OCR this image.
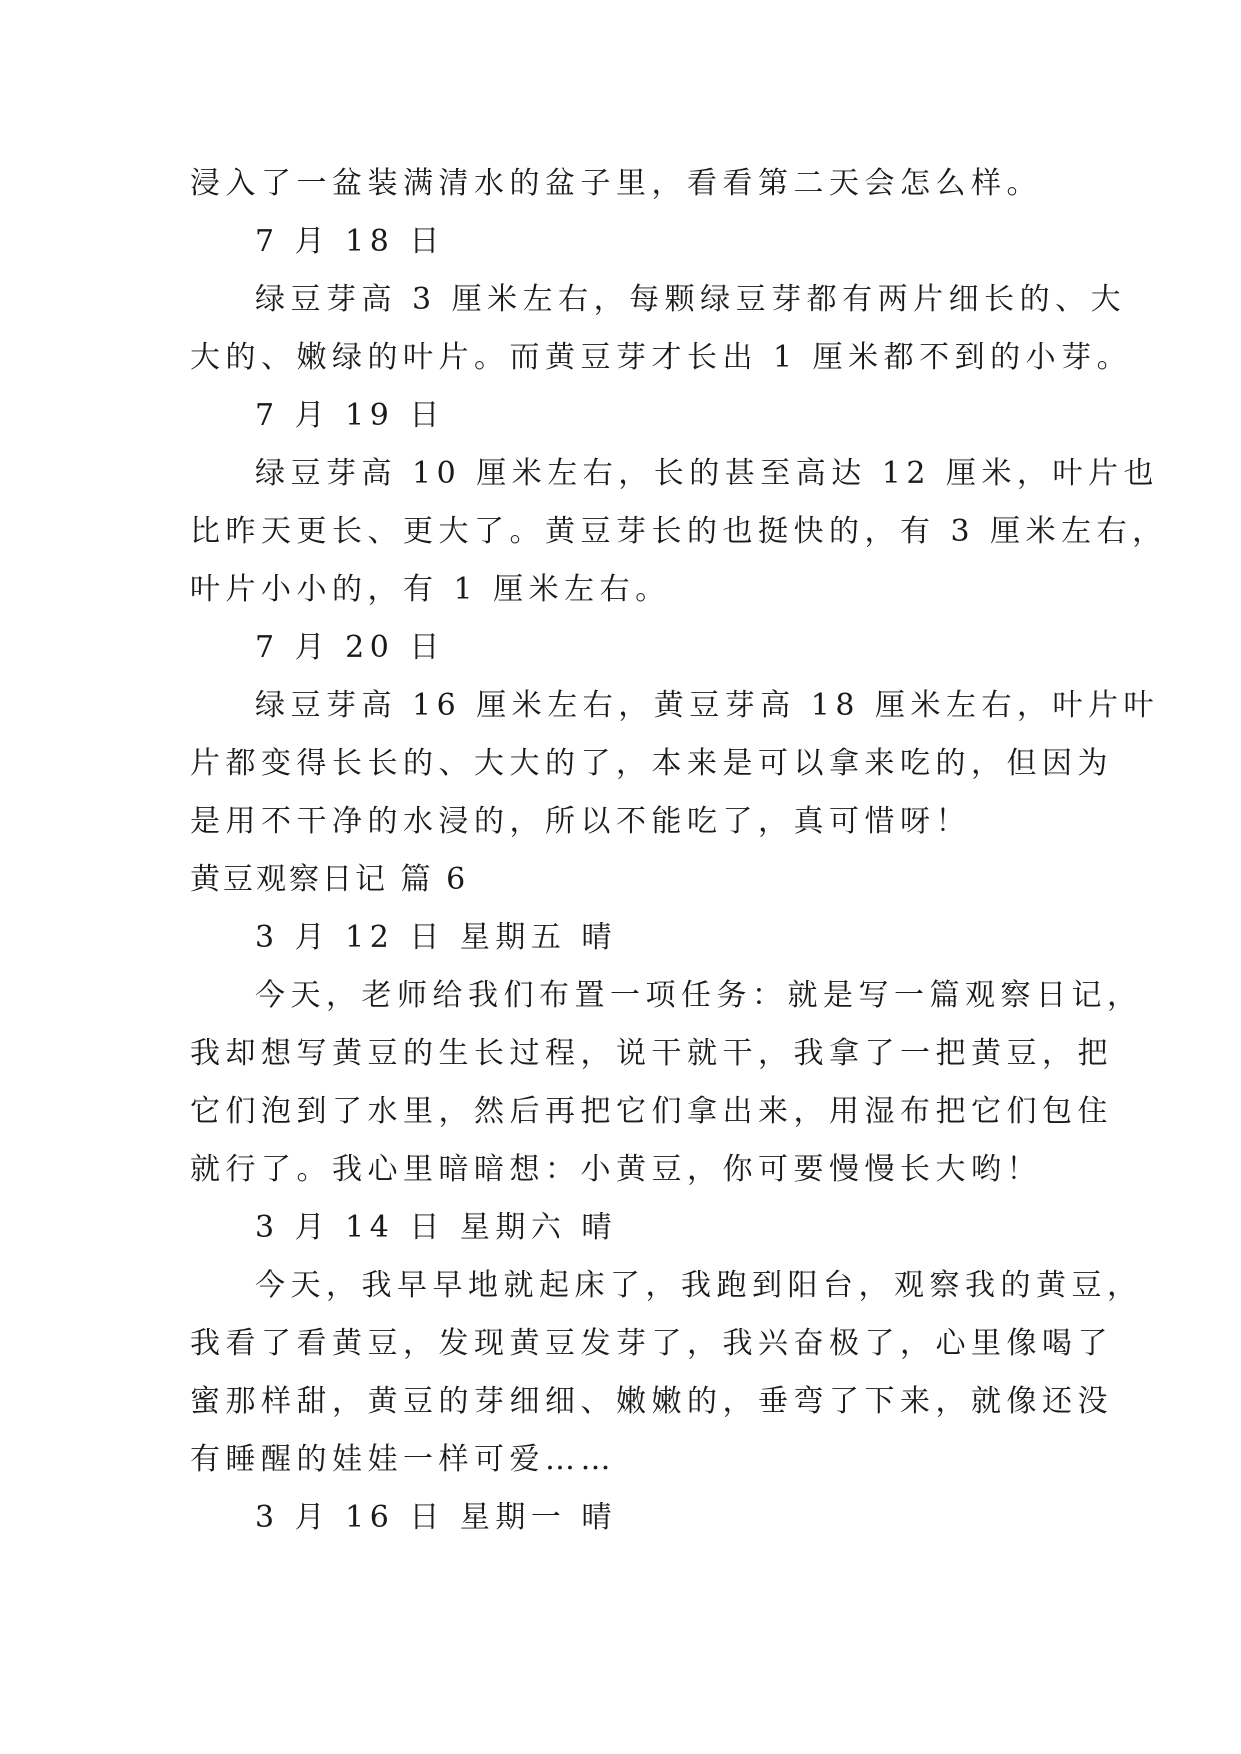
浸入了一盆装满清水的盆子里，看看第二天会怎么样。
7 月 18 日
绿豆芽高 3 厘米左右，每颗绿豆芽都有两片细长的、大
大的、嫩绿的叶片。而黄豆芽才长出 1 厘米都不到的小芽。
7 月 19 日
绿豆芽高 10 厘米左右，长的甚至高达 12 厘米，叶片也
比昨天更长、更大了。黄豆芽长的也挺快的，有 3 厘米左右，
叶片小小的，有 1 厘米左右。
7 月 20 日
绿豆芽高 16 厘米左右，黄豆芽高 18 厘米左右，叶片叶
片都变得长长的、大大的了，本来是可以拿来吃的，但因为
是用不干净的水浸的，所以不能吃了，真可惜呀！
黄豆观察日记 篇 6
3 月 12 日 星期五 晴
今天，老师给我们布置一项任务：就是写一篇观察日记，
我却想写黄豆的生长过程，说干就干，我拿了一把黄豆，把
它们泡到了水里，然后再把它们拿出来，用湿布把它们包住
就行了。我心里暗暗想：小黄豆，你可要慢慢长大哟！
3 月 14 日 星期六 晴
今天，我早早地就起床了，我跑到阳台，观察我的黄豆，
我看了看黄豆，发现黄豆发芽了，我兴奋极了，心里像喝了
蜜那样甜，黄豆的芽细细、嫩嫩的，垂弯了下来，就像还没
有睡醒的娃娃一样可爱……
3 月 16 日 星期一 晴
